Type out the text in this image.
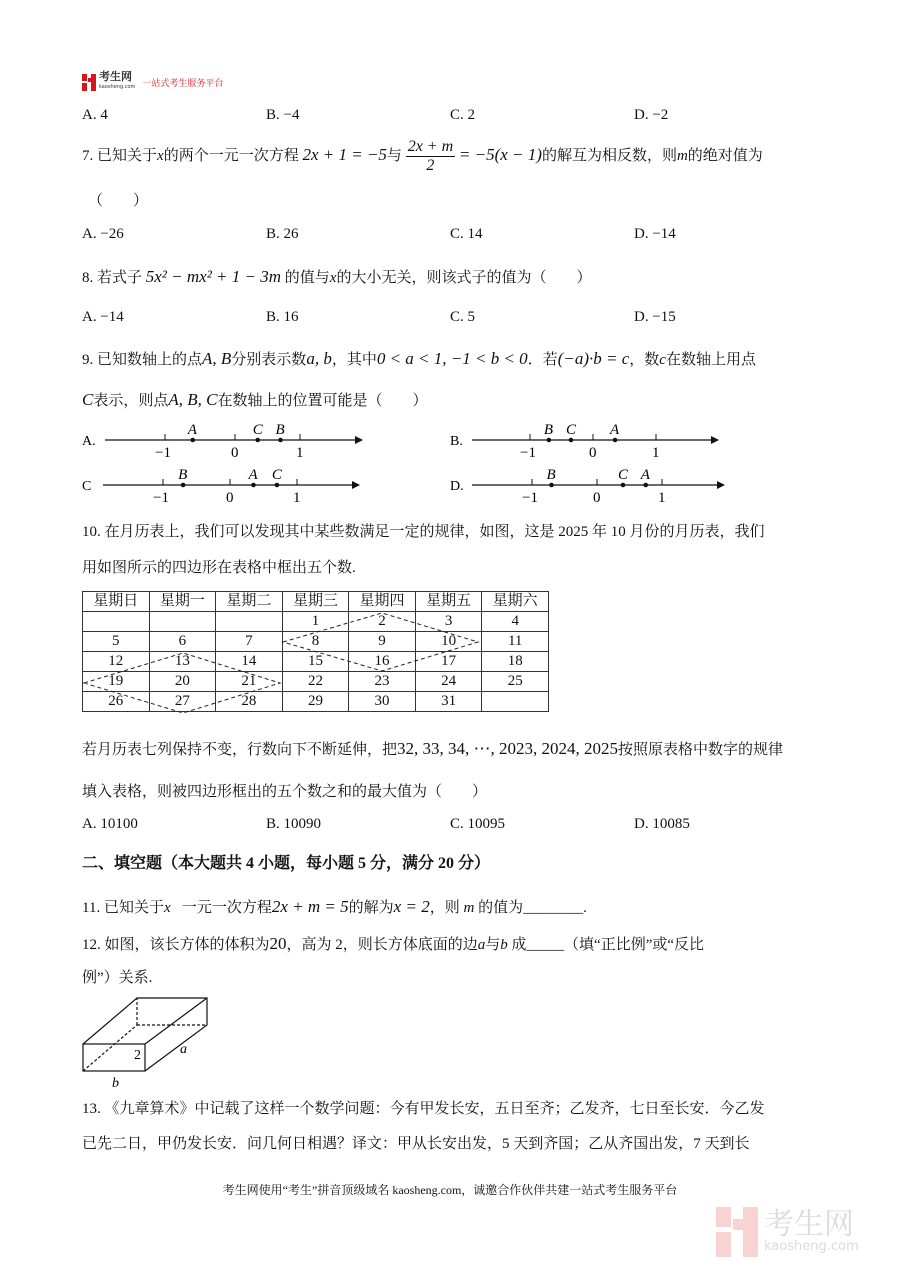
考生网
kaosheng.com 一站式考生服务平台
A. 4	B. −4	C. 2	D. −2
7. 已知关于x的两个一元一次方程 2x + 1 = −5与 $\frac{2x + m}{2} = -5(x - 1)$的解互为相反数，则m的绝对值为
（　　）
A. −26	B. 26	C. 14	D. −14
8. 若式子 5x² − mx² + 1 − 3m 的值与x的大小无关，则该式子的值为（　　）
A. −14	B. 16	C. 5	D. −15
9. 已知数轴上的点A, B分别表示数a, b，其中0 < a < 1, −1 < b < 0．若(−a)·b = c，数c在数轴上用点
C表示，则点A, B, C在数轴上的位置可能是（　　）
A.
−1	0	1
A	C B
B.
−1	0	1
B C A
C
−1	0	1
B	A C
D.
−1	0	1
B	C A
10. 在月历表上，我们可以发现其中某些数满足一定的规律，如图，这是 2025 年 10 月份的月历表，我们
用如图所示的四边形在表格中框出五个数.
星期日	星期一	星期二	星期三	星期四	星期五	星期六
			1	2	3	4
5	6	7	8	9	10	11
12	13	14	15	16	17	18
19	20	21	22	23	24	25
26	27	28	29	30	31	
若月历表七列保持不变，行数向下不断延伸，把32, 33, 34, ⋯, 2023, 2024, 2025按照原表格中数字的规律
填入表格，则被四边形框出的五个数之和的最大值为（　　）
A. 10100	B. 10090	C. 10095	D. 10085
二、填空题（本大题共 4 小题，每小题 5 分，满分 20 分）
11. 已知关于x 一元一次方程2x + m = 5的解为x = 2，则 m 的值为________.
12. 如图，该长方体的体积为20，高为 2，则长方体底面的边a与b 成_____（填“正比例”或“反比
例”）关系.
2	a
b
13. 《九章算术》中记载了这样一个数学问题：今有甲发长安，五日至齐；乙发齐，七日至长安．今乙发
已先二日，甲仍发长安．问几何日相遇？译文：甲从长安出发，5 天到齐国；乙从齐国出发，7 天到长
考生网使用“考生”拼音顶级域名 kaosheng.com，诚邀合作伙伴共建一站式考生服务平台
考生网
kaosheng.com
